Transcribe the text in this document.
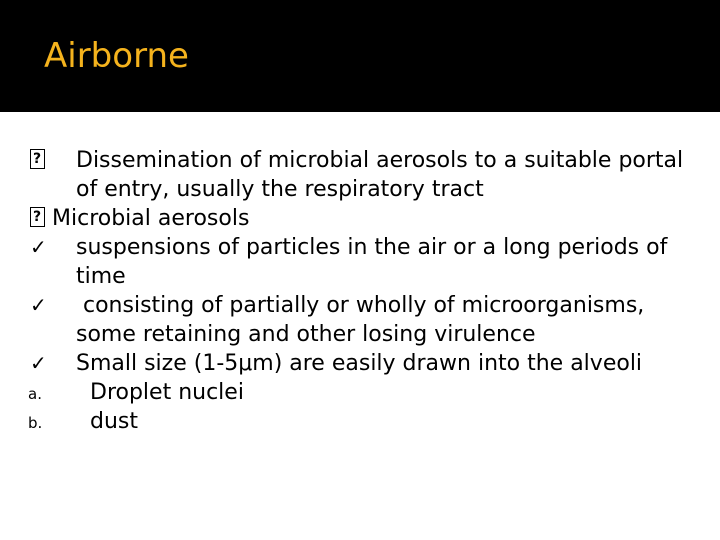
Airborne
?
Dissemination of microbial aerosols to a suitable portal of entry, usually the respiratory tract
?
Microbial aerosols
✓	suspensions of particles in the air or a long periods of time
✓	consisting of partially or wholly of microorganisms, some retaining and other losing virulence
✓	Small size (1-5μm) are easily drawn into the alveoli
a.	Droplet nuclei
b.	dust
